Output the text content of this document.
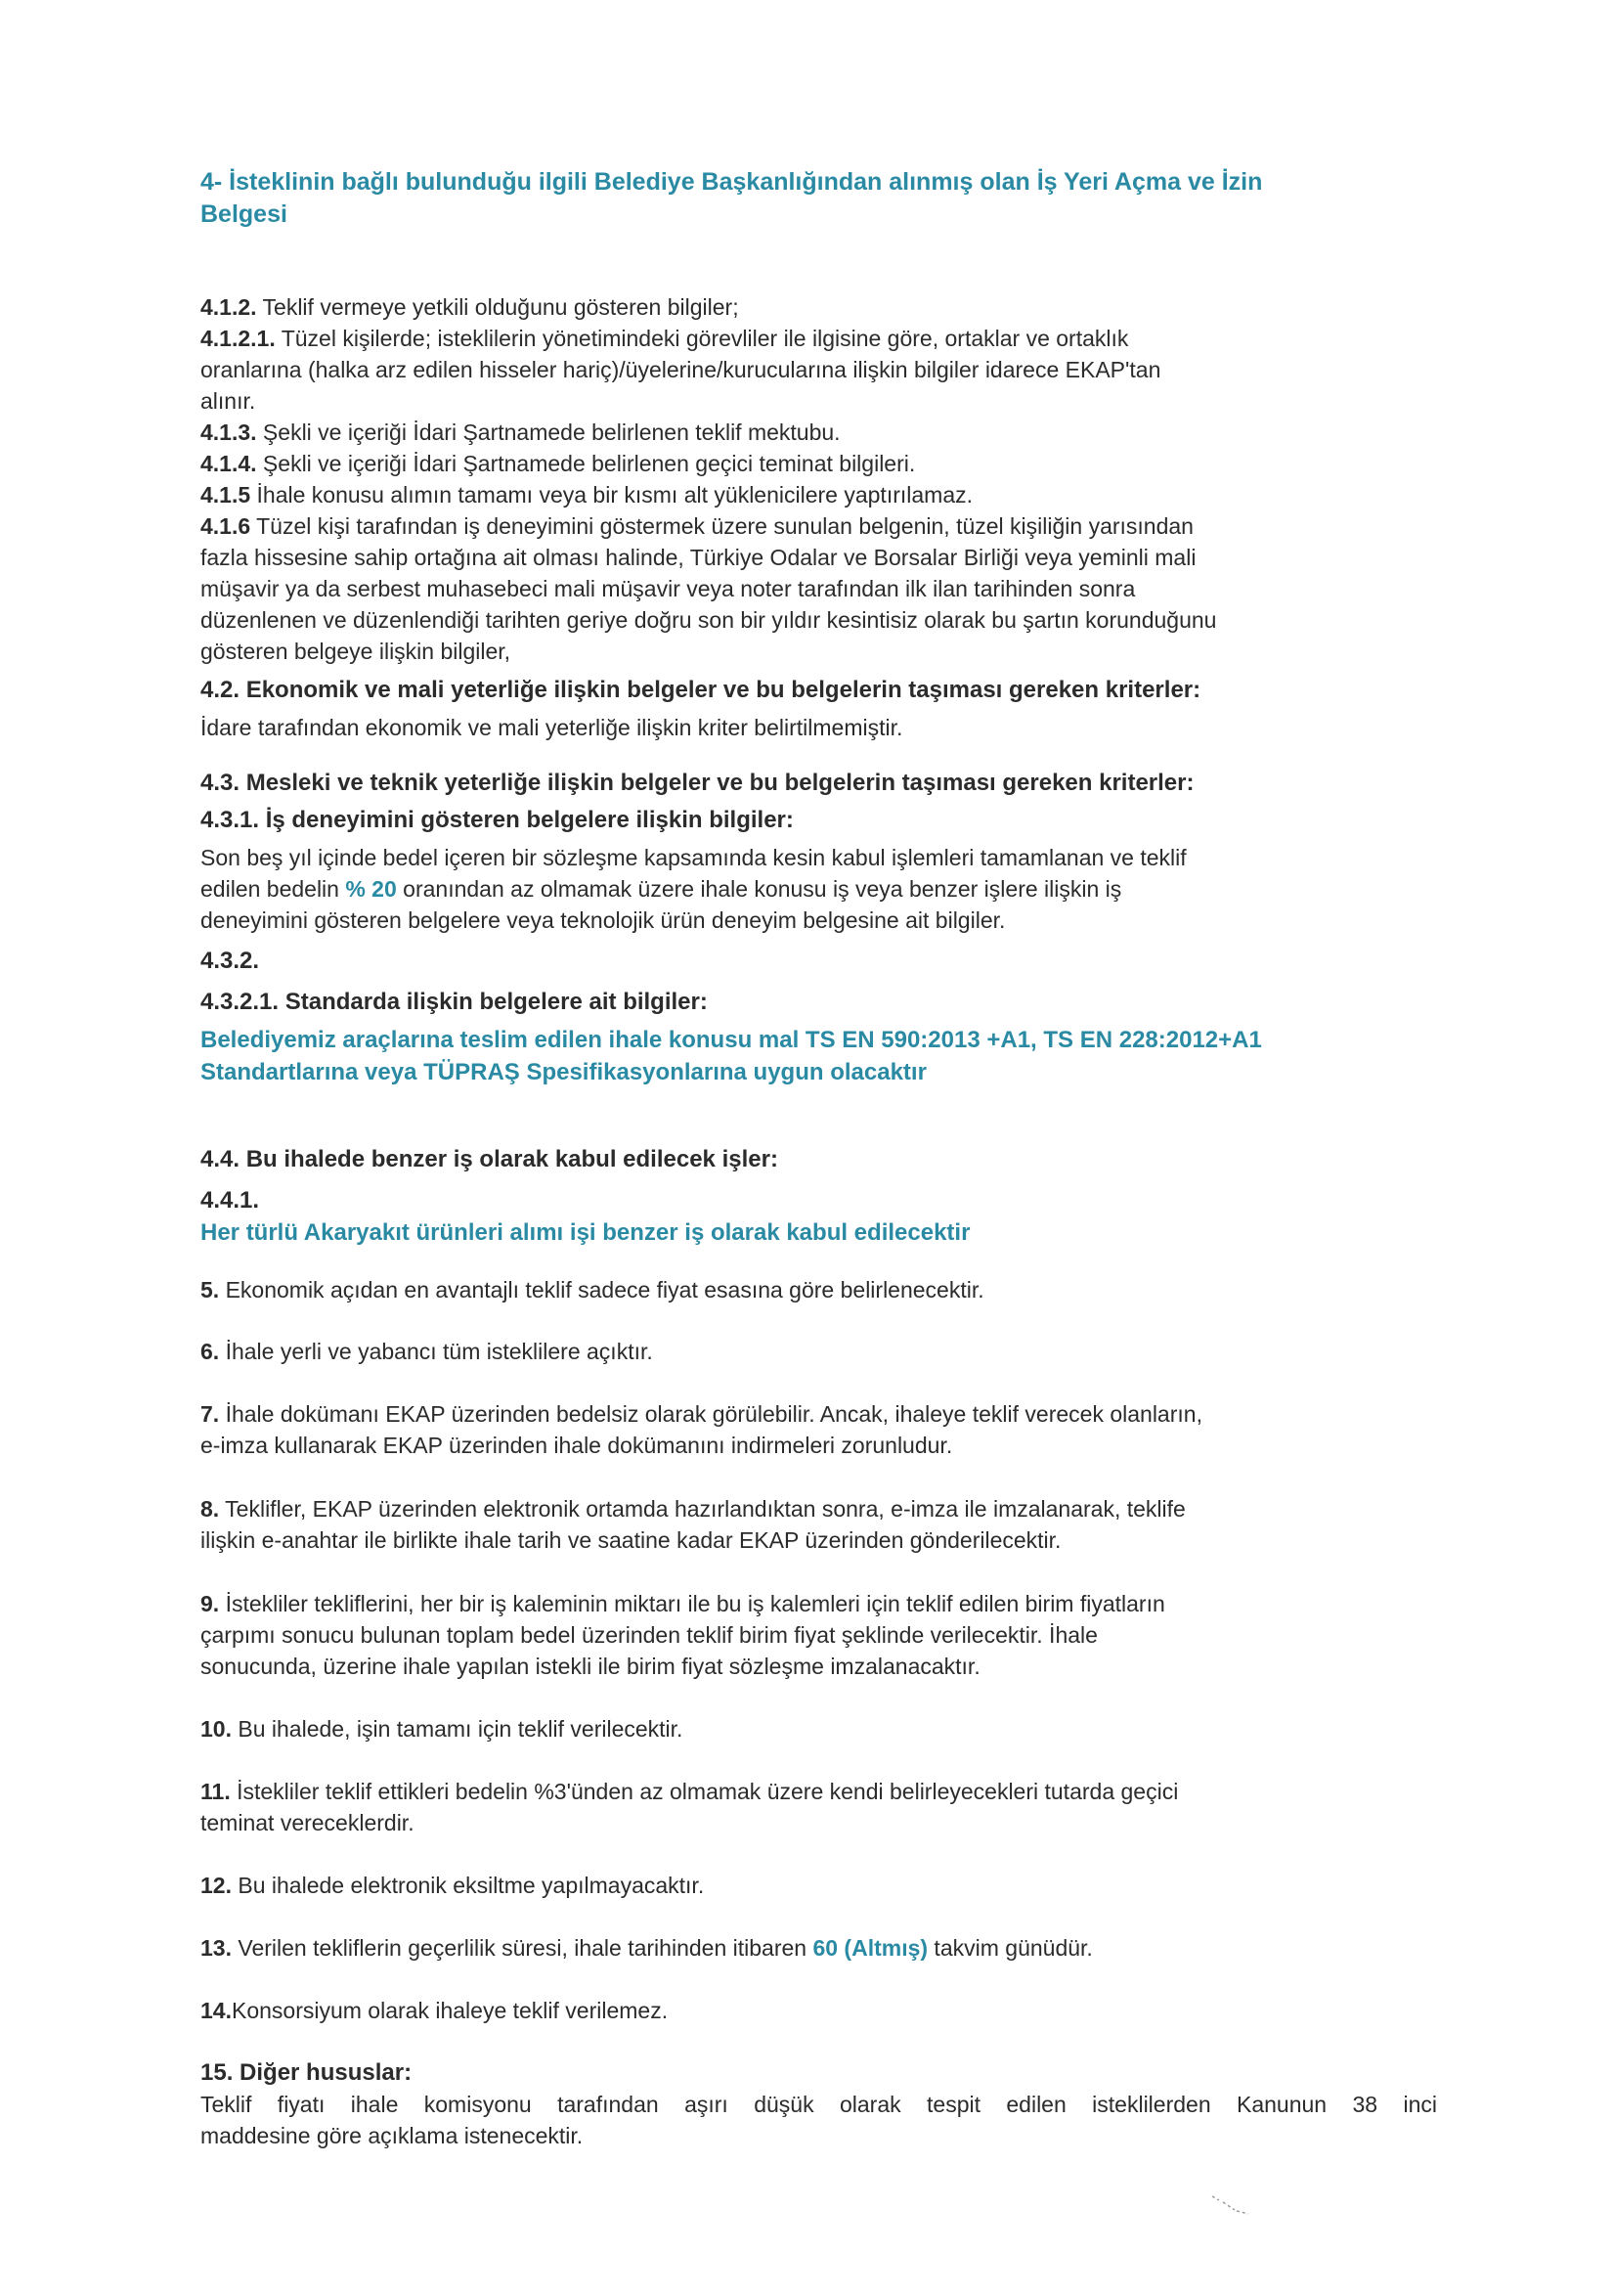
4- İsteklinin bağlı bulunduğu ilgili Belediye Başkanlığından alınmış olan İş Yeri Açma ve İzin

Belgesi

4.1.2. Teklif vermeye yetkili olduğunu gösteren bilgiler;

4.1.2.1. Tüzel kişilerde; isteklilerin yönetimindeki görevliler ile ilgisine göre, ortaklar ve ortaklık

oranlarına (halka arz edilen hisseler hariç)/üyelerine/kurucularına ilişkin bilgiler idarece EKAP'tan

alınır.

4.1.3. Şekli ve içeriği İdari Şartnamede belirlenen teklif mektubu.

4.1.4. Şekli ve içeriği İdari Şartnamede belirlenen geçici teminat bilgileri.

4.1.5 İhale konusu alımın tamamı veya bir kısmı alt yüklenicilere yaptırılamaz.

4.1.6 Tüzel kişi tarafından iş deneyimini göstermek üzere sunulan belgenin, tüzel kişiliğin yarısından

fazla hissesine sahip ortağına ait olması halinde, Türkiye Odalar ve Borsalar Birliği veya yeminli mali

müşavir ya da serbest muhasebeci mali müşavir veya noter tarafından ilk ilan tarihinden sonra

düzenlenen ve düzenlendiği tarihten geriye doğru son bir yıldır kesintisiz olarak bu şartın korunduğunu

gösteren belgeye ilişkin bilgiler,

4.2. Ekonomik ve mali yeterliğe ilişkin belgeler ve bu belgelerin taşıması gereken kriterler:

İdare tarafından ekonomik ve mali yeterliğe ilişkin kriter belirtilmemiştir.

4.3. Mesleki ve teknik yeterliğe ilişkin belgeler ve bu belgelerin taşıması gereken kriterler:

4.3.1. İş deneyimini gösteren belgelere ilişkin bilgiler:

Son beş yıl içinde bedel içeren bir sözleşme kapsamında kesin kabul işlemleri tamamlanan ve teklif

edilen bedelin % 20 oranından az olmamak üzere ihale konusu iş veya benzer işlere ilişkin iş

deneyimini gösteren belgelere veya teknolojik ürün deneyim belgesine ait bilgiler.

4.3.2.

4.3.2.1. Standarda ilişkin belgelere ait bilgiler:

Belediyemiz araçlarına teslim edilen ihale konusu mal TS EN 590:2013 +A1, TS EN 228:2012+A1

Standartlarına veya TÜPRAŞ Spesifikasyonlarına uygun olacaktır

4.4. Bu ihalede benzer iş olarak kabul edilecek işler:

4.4.1.

Her türlü Akaryakıt ürünleri alımı işi benzer iş olarak kabul edilecektir

5. Ekonomik açıdan en avantajlı teklif sadece fiyat esasına göre belirlenecektir.

6. İhale yerli ve yabancı tüm isteklilere açıktır.

7. İhale dokümanı EKAP üzerinden bedelsiz olarak görülebilir. Ancak, ihaleye teklif verecek olanların,

e-imza kullanarak EKAP üzerinden ihale dokümanını indirmeleri zorunludur.

8. Teklifler, EKAP üzerinden elektronik ortamda hazırlandıktan sonra, e-imza ile imzalanarak, teklife

ilişkin e-anahtar ile birlikte ihale tarih ve saatine kadar EKAP üzerinden gönderilecektir.

9. İstekliler tekliflerini, her bir iş kaleminin miktarı ile bu iş kalemleri için teklif edilen birim fiyatların

çarpımı sonucu bulunan toplam bedel üzerinden teklif birim fiyat şeklinde verilecektir. İhale

sonucunda, üzerine ihale yapılan istekli ile birim fiyat sözleşme imzalanacaktır.

10. Bu ihalede, işin tamamı için teklif verilecektir.

11. İstekliler teklif ettikleri bedelin %3'ünden az olmamak üzere kendi belirleyecekleri tutarda geçici

teminat vereceklerdir.

12. Bu ihalede elektronik eksiltme yapılmayacaktır.

13. Verilen tekliflerin geçerlilik süresi, ihale tarihinden itibaren 60 (Altmış) takvim günüdür.

14.Konsorsiyum olarak ihaleye teklif verilemez.

15. Diğer hususlar:

Teklif fiyatı ihale komisyonu tarafından aşırı düşük olarak tespit edilen isteklilerden Kanunun 38 inci

maddesine göre açıklama istenecektir.
